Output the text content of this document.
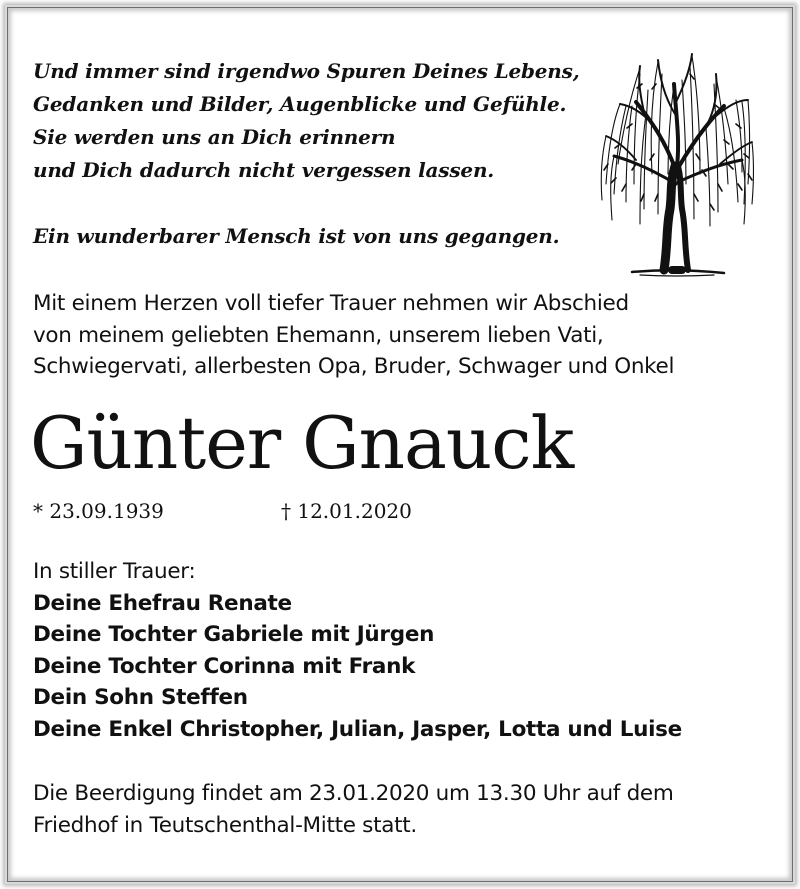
Und immer sind irgendwo Spuren Deines Lebens,
Gedanken und Bilder, Augenblicke und Gefühle.
Sie werden uns an Dich erinnern
und Dich dadurch nicht vergessen lassen.
Ein wunderbarer Mensch ist von uns gegangen.
Mit einem Herzen voll tiefer Trauer nehmen wir Abschied
von meinem geliebten Ehemann, unserem lieben Vati,
Schwiegervati, allerbesten Opa, Bruder, Schwager und Onkel
Günter Gnauck
* 23.09.1939	† 12.01.2020
In stiller Trauer:
Deine Ehefrau Renate
Deine Tochter Gabriele mit Jürgen
Deine Tochter Corinna mit Frank
Dein Sohn Steffen
Deine Enkel Christopher, Julian, Jasper, Lotta und Luise
Die Beerdigung findet am 23.01.2020 um 13.30 Uhr auf dem
Friedhof in Teutschenthal-Mitte statt.
